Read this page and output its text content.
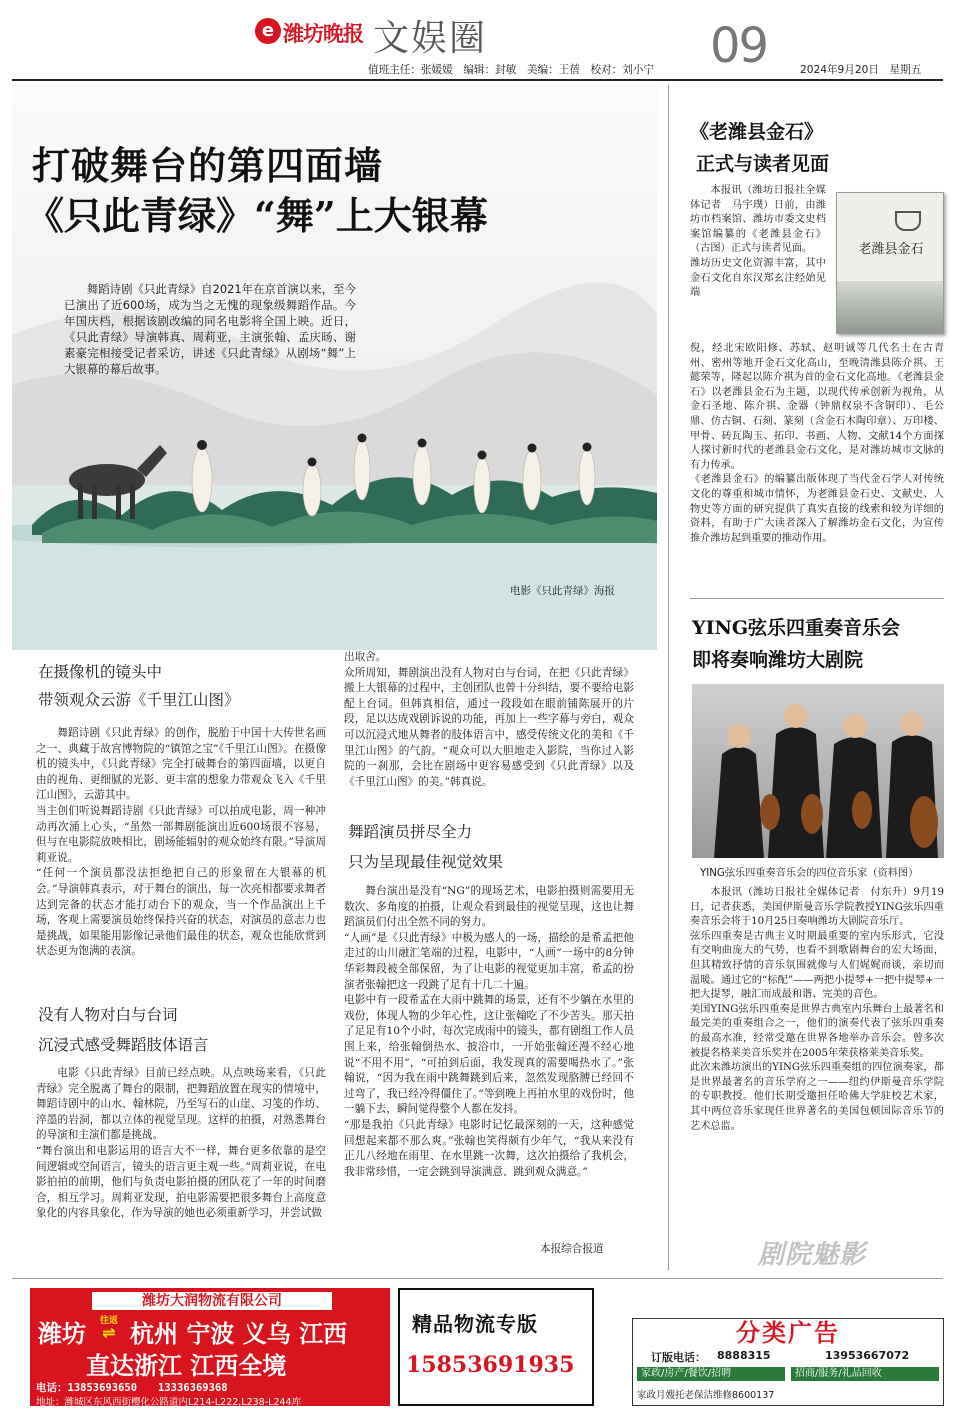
e 潍坊晚报 文娱圈	09
值班主任：张媛媛　编辑：封敏　美编：王蓓　校对：刘小宁	2024年9月20日　星期五
打破舞台的第四面墙
《只此青绿》“舞”上大银幕
舞蹈诗剧《只此青绿》自2021年在京首演以来，至今已演出了近600场，成为当之无愧的现象级舞蹈作品。今年国庆档，根据该剧改编的同名电影将全国上映。近日，《只此青绿》导演韩真、周莉亚，主演张翰、孟庆旸、谢素豪完相接受记者采访，讲述《只此青绿》从剧场“舞”上大银幕的幕后故事。
电影《只此青绿》海报
在摄像机的镜头中
带领观众云游《千里江山图》
舞蹈诗剧《只此青绿》的创作，脱胎于中国十大传世名画之一、典藏于故宫博物院的“镇馆之宝”《千里江山图》。在摄像机的镜头中，《只此青绿》完全打破舞台的第四面墙，以更自由的视角、更细腻的光影、更丰富的想象力带观众飞入《千里江山图》，云游其中。
当主创们听说舞蹈诗剧《只此青绿》可以拍成电影，周一种冲动再次涌上心头，“虽然一部舞剧能演出近600场很不容易，但与在电影院放映相比，剧场能辐射的观众始终有限。”导演周莉亚说。
“任何一个演员都没法拒绝把自己的形象留在大银幕的机会。”导演韩真表示，对于舞台的演出，每一次亮相都要求舞者达到完备的状态才能打动台下的观众，当一个作品演出上千场，客观上需要演员始终保持兴奋的状态，对演员的意志力也是挑战，如果能用影像记录他们最佳的状态，观众也能欣赏到状态更为饱满的表演。
没有人物对白与台词
沉浸式感受舞蹈肢体语言
电影《只此青绿》目前已经点映。从点映场来看，《只此青绿》完全脱离了舞台的限制，把舞蹈放置在现实的情境中，舞蹈诗剧中的山水、翰林院，乃至写石的山崖、习笺的作坊、淬墨的岩洞，都以立体的视觉呈现。这样的拍摄，对熟悉舞台的导演和主演们都是挑战。
“舞台演出和电影运用的语言大不一样，舞台更多依靠的是空间逻辑或空间语言，镜头的语言更主观一些。”周莉亚说，在电影拍拍的前期，他们与负责电影拍摄的团队花了一年的时间磨合，相互学习。周莉亚发现，拍电影需要把很多舞台上高度意象化的内容具象化，作为导演的她也必须重新学习，并尝试做
出取舍。
众所周知，舞剧演出没有人物对白与台词，在把《只此青绿》搬上大银幕的过程中，主创团队也曾十分纠结，要不要给电影配上台词。但韩真相信，通过一段段如在眼前铺陈展开的片段，足以达成戏剧诉说的功能，再加上一些字幕与旁白，观众可以沉浸式地从舞者的肢体语言中，感受传统文化的美和《千里江山图》的气韵。“观众可以大胆地走入影院，当你过入影院的一刹那，会比在剧场中更容易感受到《只此青绿》以及《千里江山图》的美。”韩真说。
舞蹈演员拼尽全力
只为呈现最佳视觉效果
舞台演出是没有“NG”的现场艺术，电影拍摄则需要用无数次、多角度的拍摄，让观众看到最佳的视觉呈现，这也让舞蹈演员们付出全然不同的努力。
“人画”是《只此青绿》中极为感人的一场，描绘的是希孟把他走过的山川融汇笔端的过程，电影中，“人画”一场中的8分钟华彩舞段被全部保留，为了让电影的视觉更加丰富，希孟的扮演者张翰把这一段跳了足有十几二十遍。
电影中有一段希孟在大雨中跳舞的场景，还有不少躺在水里的戏份，体现人物的少年心性，这让张翰吃了不少苦头。那天拍了足足有10个小时，每次完成雨中的镜头，都有剧组工作人员围上来，给张翰倒热水、披浴巾，一开始张翰还漫不经心地说“不用不用”，“可拍到后面，我发现真的需要喝热水了。”张翰说，“因为我在雨中跳舞跳到后来，忽然发现胳膊已经回不过弯了，我已经冷得僵住了。”等到晚上再拍水里的戏份时，他一躺下去，瞬间觉得整个人都在发抖。
“那是我拍《只此青绿》电影时记忆最深刻的一天，这种感觉回想起来都不那么爽。”张翰也笑得颇有少年气，“我从来没有正儿八经地在雨里、在水里跳一次舞，这次拍摄给了我机会，我非常珍惜，一定会跳到导演满意、跳到观众满意。”
本报综合报道
《老潍县金石》
正式与读者见面
本报讯（潍坊日报社全媒体记者　马宇璞）日前，由潍坊市档案馆、潍坊市委文史档案馆编纂的《老潍县金石》（古图）正式与读者见面。
潍坊历史文化资源丰富，其中金石文化自东汉郑玄注经始见端
老潍县金石
倪，经北宋欧阳修、苏轼、赵明诚等几代名士在古青州、密州等地开金石文化高山，至晚清潍县陈介祺、王懿荣等，隆起以陈介祺为首的金石文化高地。《老潍县金石》以老潍县金石为主题，以现代传承创新为视角，从金石圣地、陈介祺、金器（钟鼎权泉不含铜印）、毛公鼎、仿古铜、石刻、篆刻（含金石木陶印章）、万印楼、甲骨、砖瓦陶玉、拓印、书画、人物、文献14个方面探人探讨新时代的老潍县金石文化，是对潍坊城市文脉的有力传承。
《老潍县金石》的编纂出版体现了当代金石学人对传统文化的尊重和城市情怀，为老潍县金石史、文献史、人物史等方面的研究提供了真实直接的线索和较为详细的资料，有助于广大读者深入了解潍坊金石文化，为宣传推介潍坊起到重要的推动作用。
YING弦乐四重奏音乐会
即将奏响潍坊大剧院
YING弦乐四重奏音乐会的四位音乐家（资料图）
本报讯（潍坊日报社全媒体记者　付东升）9月19日，记者获悉，美国伊斯曼音乐学院教授YING弦乐四重奏音乐会将于10月25日奏响潍坊大剧院音乐厅。
弦乐四重奏是古典主义时期最重要的室内乐形式，它没有交响曲庞大的气势，也看不到歌剧舞台的宏大场面，但其精致抒情的音乐氛围就像与人们娓娓而谈，亲切而温暖。通过它的“标配”——两把小提琴+一把中提琴+一把大提琴，融汇而成最和谐、完美的音色。
美国YING弦乐四重奏是世界古典室内乐舞台上最著名和最完美的重奏组合之一，他们的演奏代表了弦乐四重奏的最高水准，经常受邀在世界各地举办音乐会。曾多次被提名格莱美音乐奖并在2005年荣获格莱美音乐奖。
此次来潍坊演出的YING弦乐四重奏组的四位演奏家，都是世界最著名的音乐学府之一——纽约伊斯曼音乐学院的专职教授。他们长期受邀担任哈佛大学驻校艺术家，其中两位音乐家现任世界著名的美国包顿国际音乐节的艺术总监。
剧院魅影
潍坊大润物流有限公司
潍坊	往返
⇌ 杭州 宁波 义乌 江西
直达浙江 江西全境
电话：13853693650　　13336369368
地址：潍城区东风西街樱化公路道内L214-L222,L238-L244库
精品物流专版
15853691935
分类广告
订版电话： 8888315	13953667072
家政/房产/餐饮/招聘	招商/服务/礼品回收
家政月嫂托老保洁维修8600137
